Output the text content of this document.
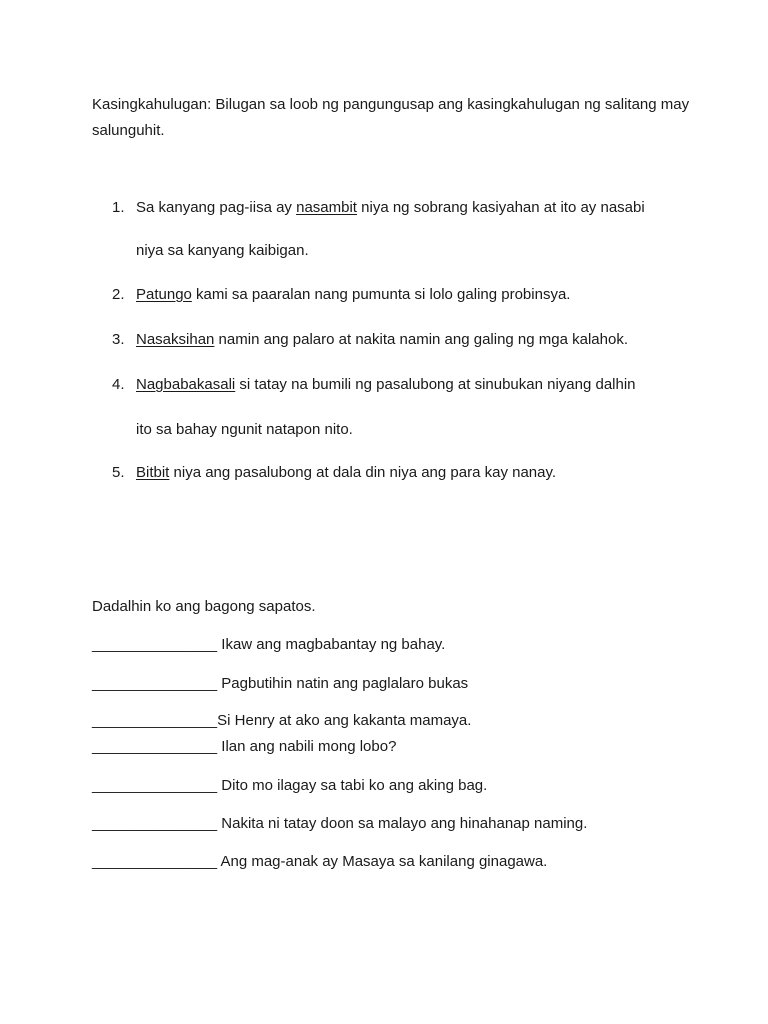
Kasingkahulugan: Bilugan sa loob ng pangungusap ang kasingkahulugan ng salitang may salunguhit.

1. Sa kanyang pag-iisa ay nasambit niya ng sobrang kasiyahan at ito ay nasabi
niya sa kanyang kaibigan.
2. Patungo kami sa paaralan nang pumunta si lolo galing probinsya.
3. Nasaksihan namin ang palaro at nakita namin ang galing ng mga kalahok.
4. Nagbabakasali si tatay na bumili ng pasalubong at sinubukan niyang dalhin
ito sa bahay ngunit natapon nito.
5. Bitbit niya ang pasalubong at dala din niya ang para kay nanay.
Dadalhin ko ang bagong sapatos.
_______________ Ikaw ang magbabantay ng bahay.
_______________ Pagbutihin natin ang paglalaro bukas
_______________Si Henry at ako ang kakanta mamaya.
_______________ Ilan ang nabili mong lobo?
_______________ Dito mo ilagay sa tabi ko ang aking bag.
_______________ Nakita ni tatay doon sa malayo ang hinahanap naming.
_______________ Ang mag-anak ay Masaya sa kanilang ginagawa.
